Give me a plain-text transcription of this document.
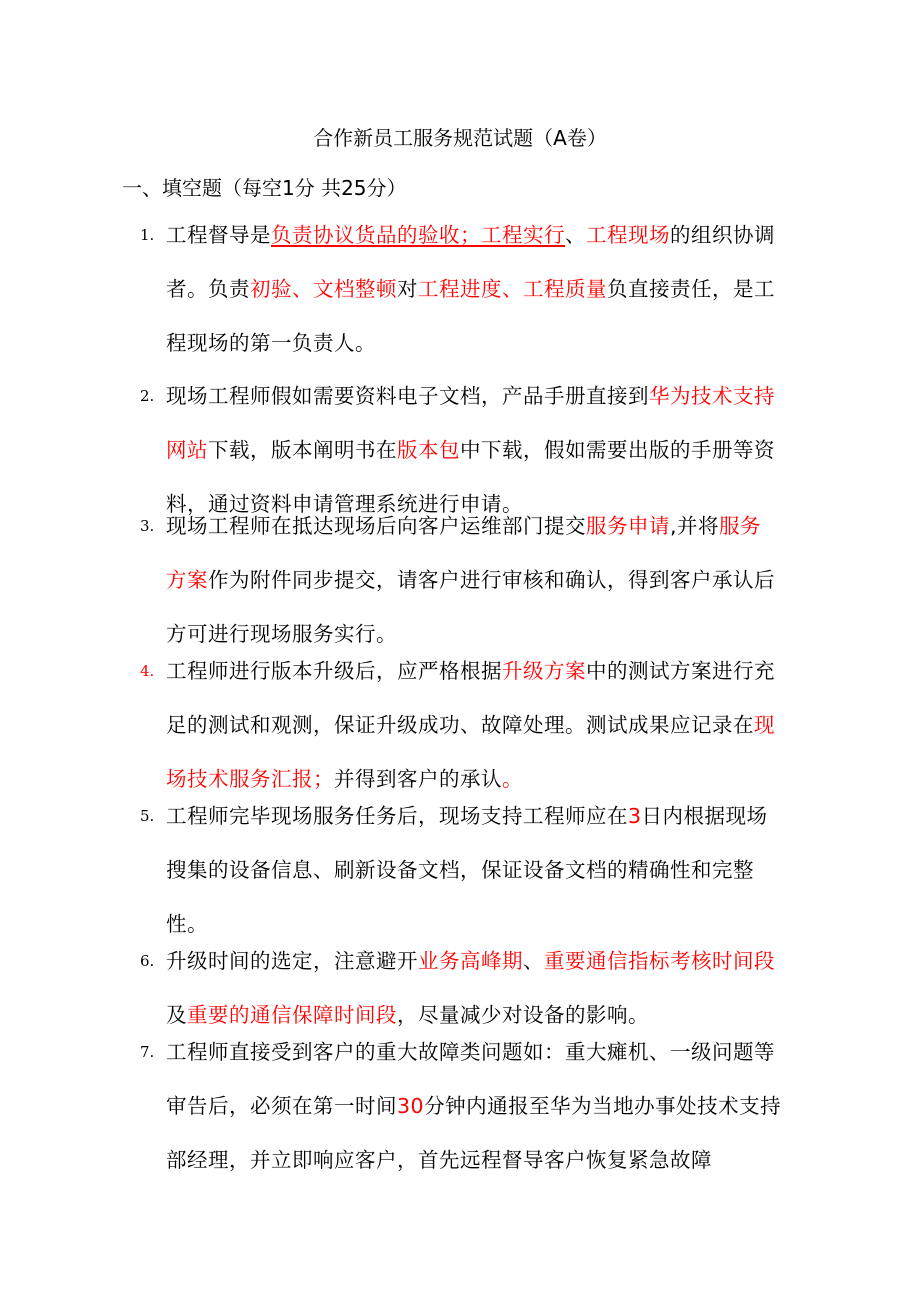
合作新员工服务规范试题（A卷）
一、填空题（每空1分 共25分）
1. 工程督导是负责协议货品的验收；工程实行、工程现场的组织协调者。负责初验、文档整顿对工程进度、工程质量负直接责任，是工程现场的第一负责人。
2. 现场工程师假如需要资料电子文档，产品手册直接到华为技术支持网站下载，版本阐明书在版本包中下载，假如需要出版的手册等资料，通过资料申请管理系统进行申请。
3. 现场工程师在抵达现场后向客户运维部门提交服务申请,并将服务方案作为附件同步提交，请客户进行审核和确认，得到客户承认后方可进行现场服务实行。
4. 工程师进行版本升级后，应严格根据升级方案中的测试方案进行充足的测试和观测，保证升级成功、故障处理。测试成果应记录在现场技术服务汇报；并得到客户的承认。
5. 工程师完毕现场服务任务后，现场支持工程师应在3日内根据现场搜集的设备信息、刷新设备文档，保证设备文档的精确性和完整性。
6. 升级时间的选定，注意避开业务高峰期、重要通信指标考核时间段及重要的通信保障时间段，尽量减少对设备的影响。
7. 工程师直接受到客户的重大故障类问题如：重大瘫机、一级问题等审告后，必须在第一时间30分钟内通报至华为当地办事处技术支持部经理，并立即响应客户，首先远程督导客户恢复紧急故障
